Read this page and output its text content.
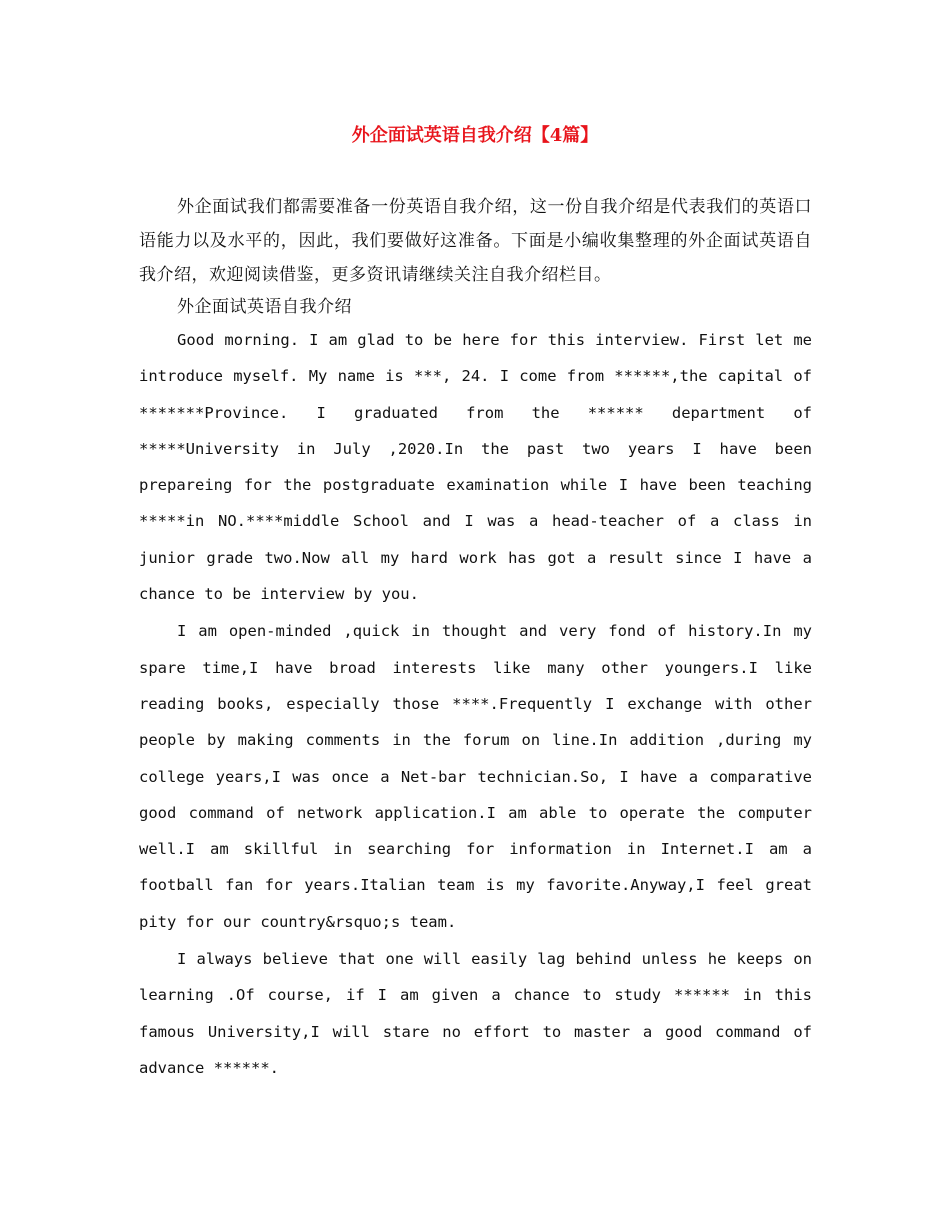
外企面试英语自我介绍【4篇】

外企面试我们都需要准备一份英语自我介绍，这一份自我介绍是代表我们的英语口语能力以及水平的，因此，我们要做好这准备。下面是小编收集整理的外企面试英语自我介绍，欢迎阅读借鉴，更多资讯请继续关注自我介绍栏目。

外企面试英语自我介绍

Good morning. I am glad to be here for this interview. First let me introduce myself. My name is ***, 24. I come from ******,the capital of *******Province. I graduated from the ****** department of *****University in July ,2020.In the past two years I have been prepareing for the postgraduate examination while I have been teaching *****in NO.****middle School and I was a head-teacher of a class in junior grade two.Now all my hard work has got a result since I have a chance to be interview by you.

I am open-minded ,quick in thought and very fond of history.In my spare time,I have broad interests like many other youngers.I like reading books, especially those ****.Frequently I exchange with other people by making comments in the forum on line.In addition ,during my college years,I was once a Net-bar technician.So, I have a comparative good command of network application.I am able to operate the computer well.I am skillful in searching for information in Internet.I am a football fan for years.Italian team is my favorite.Anyway,I feel great pity for our country&rsquo;s team.

I always believe that one will easily lag behind unless he keeps on learning .Of course, if I am given a chance to study ****** in this famous University,I will stare no effort to master a good command of advance ******.
